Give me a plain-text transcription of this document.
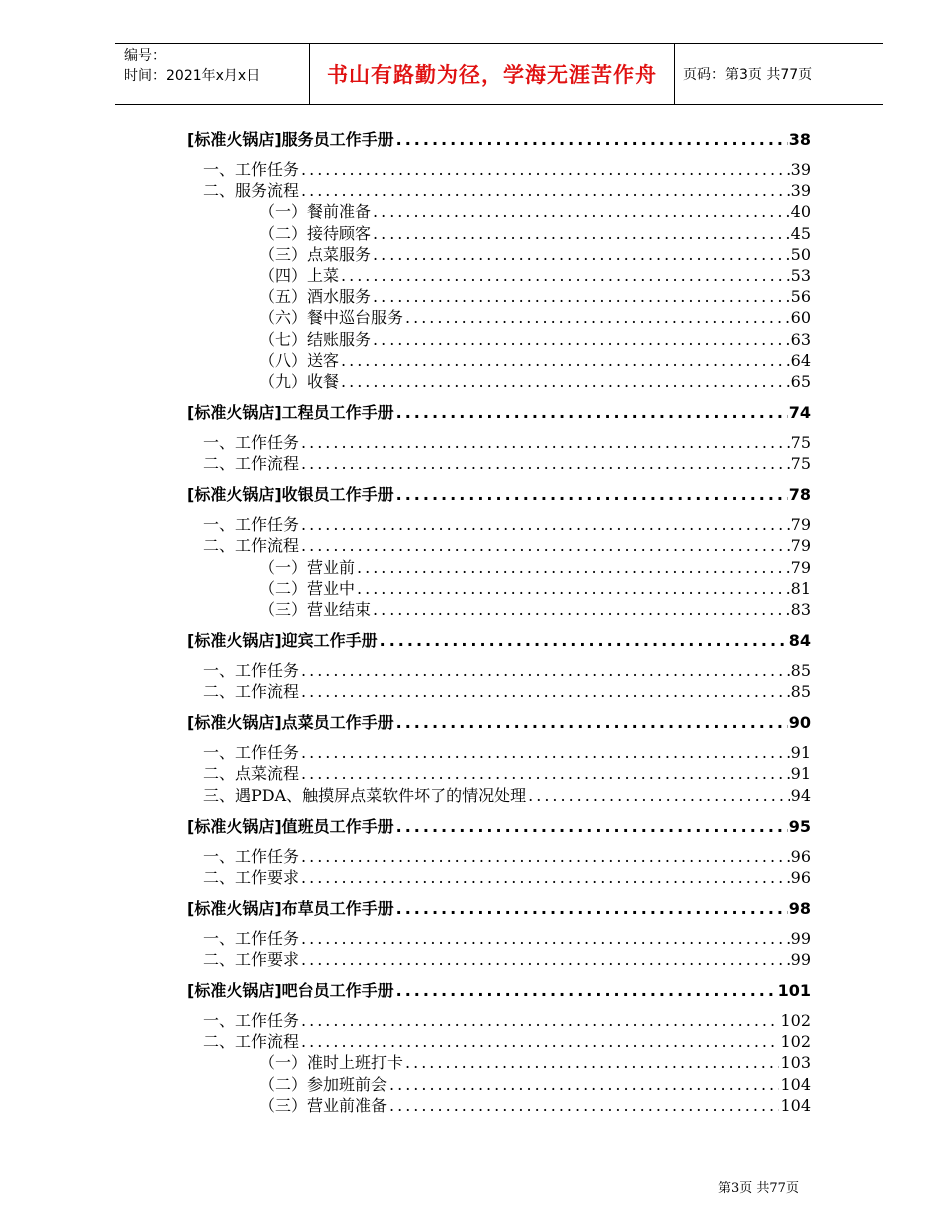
编号：
时间：2021年x月x日	书山有路勤为径，学海无涯苦作舟	页码：第3页 共77页
[标准火锅店]服务员工作手册 .....	38
一、工作任务 .....	39
二、服务流程 .....	39
（一）餐前准备 .....	40
（二）接待顾客 .....	45
（三）点菜服务 .....	50
（四）上菜 .....	53
（五）酒水服务 .....	56
（六）餐中巡台服务 .....	60
（七）结账服务 .....	63
（八）送客 .....	64
（九）收餐 .....	65
[标准火锅店]工程员工作手册 .....	74
一、工作任务 .....	75
二、工作流程 .....	75
[标准火锅店]收银员工作手册 .....	78
一、工作任务 .....	79
二、工作流程 .....	79
（一）营业前 .....	79
（二）营业中 .....	81
（三）营业结束 .....	83
[标准火锅店]迎宾工作手册 .....	84
一、工作任务 .....	85
二、工作流程 .....	85
[标准火锅店]点菜员工作手册 .....	90
一、工作任务 .....	91
二、点菜流程 .....	91
三、遇PDA、触摸屏点菜软件坏了的情况处理 .....	94
[标准火锅店]值班员工作手册 .....	95
一、工作任务 .....	96
二、工作要求 .....	96
[标准火锅店]布草员工作手册 .....	98
一、工作任务 .....	99
二、工作要求 .....	99
[标准火锅店]吧台员工作手册 .....	101
一、工作任务 .....	102
二、工作流程 .....	102
（一）准时上班打卡 .....	103
（二）参加班前会 .....	104
（三）营业前准备 .....	104
第3页 共77页
